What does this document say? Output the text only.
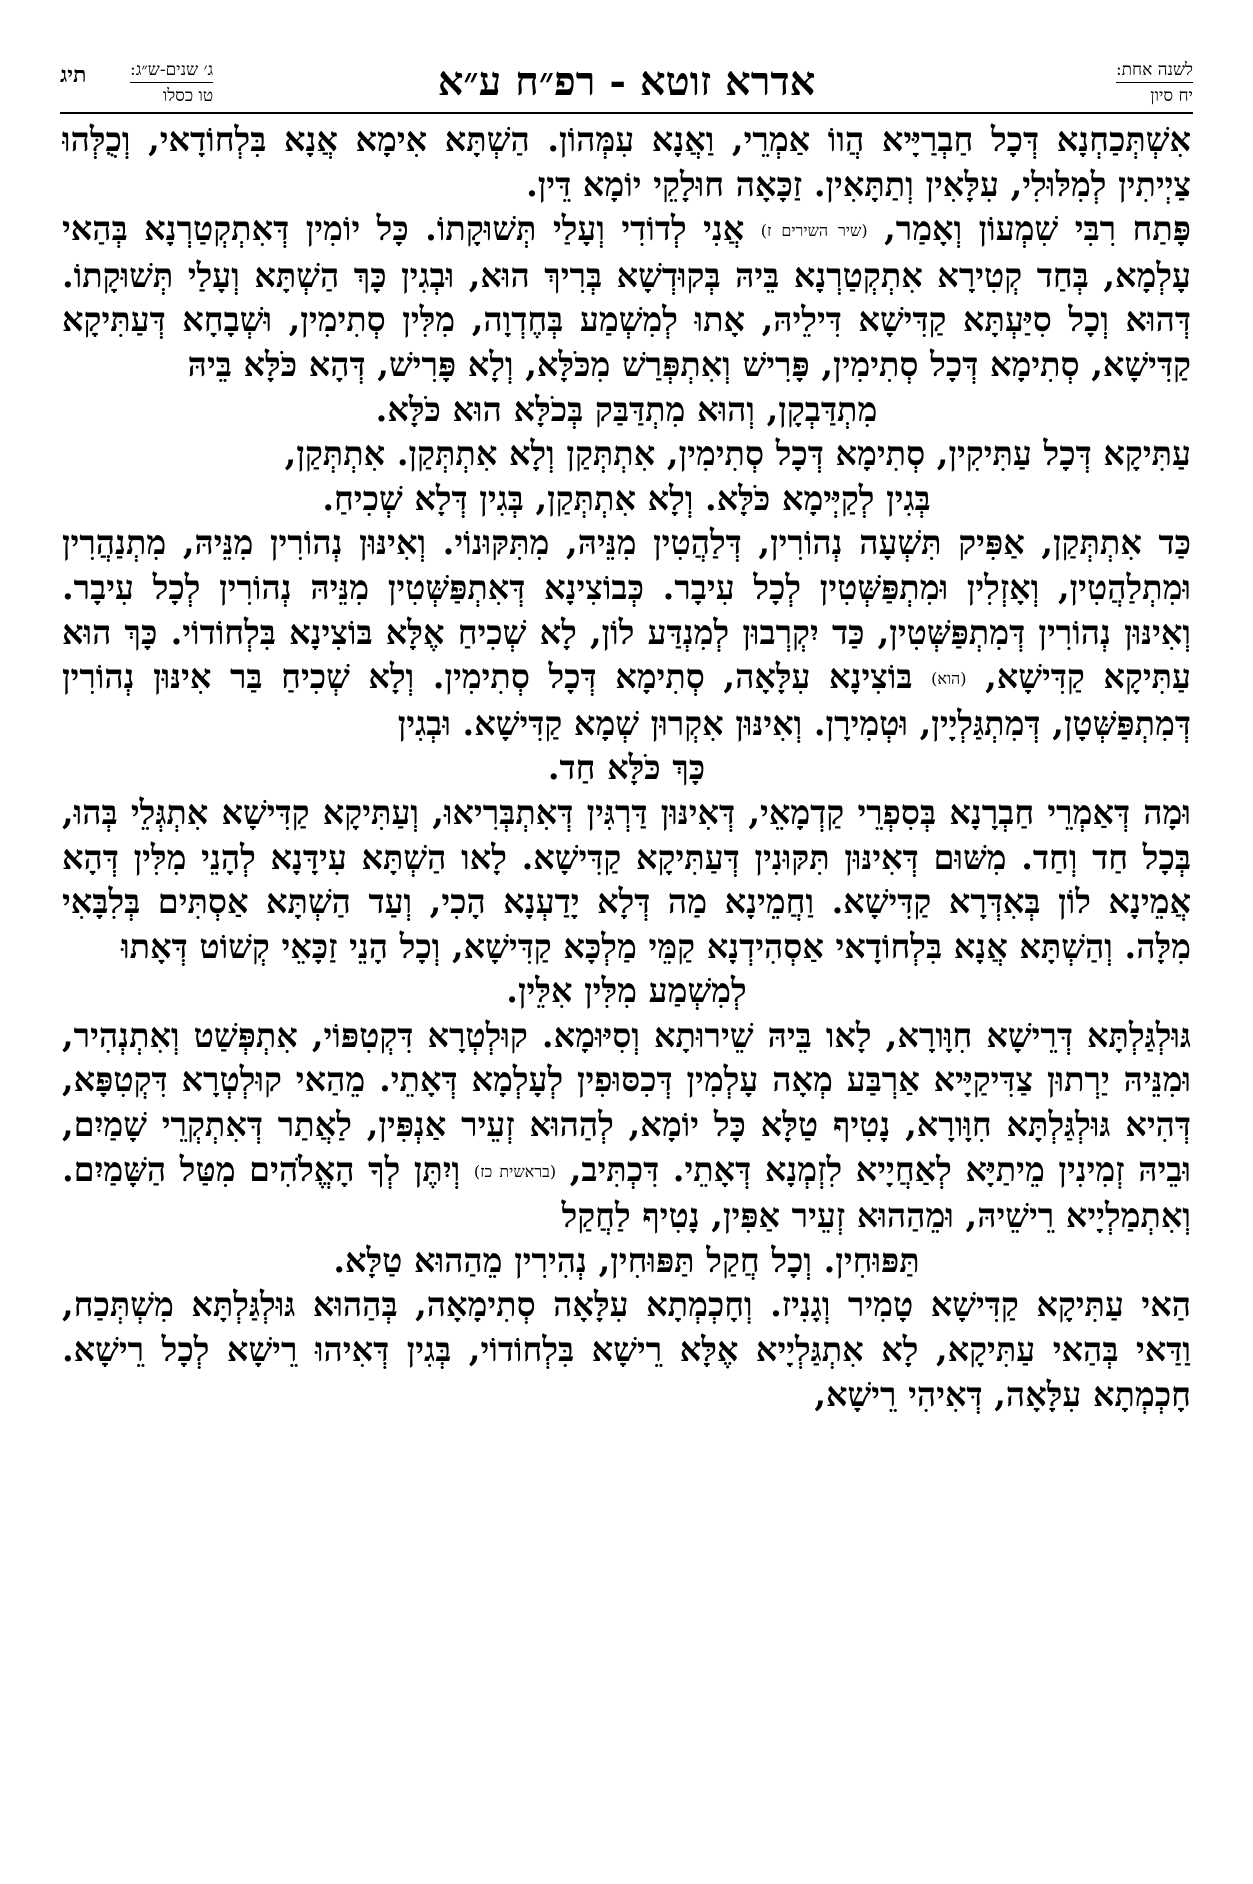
תיג	ג׳ שנים-ש״ג:
טו כסלו	אדרא זוטא - רפ״ח ע״א	לשנה אחת:
יח סיון

אִשְׁתְּכַחְנָא דְּכָל חַבְרַיָּיא הֲווֹ אַמְרֵי, וַאֲנָא עִמְּהוֹן. הַשְׁתָּא אִימָא אֲנָא בִּלְחוֹדָאי, וְכֻלְּהוּ צַיְיתִין לְמִלּוּלִי, עִלָּאִין וְתַתָּאִין. זַכָּאָה חוּלָקֵי יוֹמָא דֵּין.

פָּתַח רִבִּי שִׁמְעוֹן וְאָמַר, (שיר השירים ז) אֲנִי לְדוֹדִי וְעָלַי תְּשׁוּקָתוֹ. כָּל יוֹמִין דְּאִתְקְטַרְנָא בְּהַאי עָלְמָא, בְּחַד קְטִירָא אִתְקְטַרְנָא בֵּיהּ בְּקוּדְשָׁא בְּרִיךְ הוּא, וּבְגִין כָּךְ הַשְׁתָּא וְעָלַי תְּשׁוּקָתוֹ. דְּהוּא וְכָל סִיַּעְתָּא קַדִּישָׁא דִּילֵיהּ, אָתוּ לְמִשְׁמַע בְּחֶדְוָה, מִלִּין סְתִימִין, וּשְׁבָחָא דְּעַתִּיקָא קַדִּישָׁא, סְתִימָא דְּכָל סְתִימִין, פָּרִישׁ וְאִתְפְּרַשׁ מִכֹּלָּא, וְלָא פָּרִישׁ, דְּהָא כֹּלָּא בֵּיהּ
מִתְדַּבְקָן, וְהוּא מִתְדַּבַּק בְּכֹלָּא הוּא כֹּלָּא.

עַתִּיקָא דְּכָל עַתִּיקִין, סְתִימָא דְּכָל סְתִימִין, אִתְתְּקַן וְלָא אִתְתְּקַן. אִתְתְּקַן,
בְּגִין לְקַיְּימָא כֹּלָּא. וְלָא אִתְתְּקַן, בְּגִין דְּלָא שְׁכִיחַ.

כַּד אִתְתְּקַן, אַפִּיק תִּשְׁעָה נְהוֹרִין, דְּלַהֲטִין מִנֵּיהּ, מִתִּקּוּנוֹי. וְאִינּוּן נְהוֹרִין מִנֵּיהּ, מִתְנַהֲרִין וּמִתְלַהֲטִין, וְאָזְלִין וּמִתְפַּשְּׁטִין לְכָל עִיבָר. כְּבוֹצִינָא דְּאִתְפַּשְּׁטִין מִנֵּיהּ נְהוֹרִין לְכָל עִיבָר. וְאִינּוּן נְהוֹרִין דְּמִתְפַּשְּׁטִין, כַּד יִקְרְבוּן לְמִנְדַּע לוֹן, לָא שְׁכִיחַ אֶלָּא בּוֹצִינָא בִּלְחוֹדוֹי. כָּךְ הוּא עַתִּיקָא קַדִּישָׁא, (הוא) בּוֹצִינָא עִלָּאָה, סְתִימָא דְּכָל סְתִימִין. וְלָא שְׁכִיחַ בַּר אִינּוּן נְהוֹרִין דְּמִתְפַּשְּׁטָן, דְּמִתְגַּלְיָין, וּטְמִירָן. וְאִינּוּן אִקְרוּן שְׁמָא קַדִּישָׁא. וּבְגִין
כָּךְ כֹּלָּא חַד.

וּמָה דְּאַמְרֵי חַבְרָנָא בְּסִפְרֵי קַדְמָאֵי, דְּאִינּוּן דַּרְגִּין דְּאִתְבְּרִיאוּ, וְעַתִּיקָא קַדִּישָׁא אִתְגְּלֵי בְּהוּ, בְּכָל חַד וְחַד. מִשּׁוּם דְּאִינּוּן תִּקּוּנִין דְּעַתִּיקָא קַדִּישָׁא. לָאו הַשְׁתָּא עִידָּנָא לְהָנֵי מִלִּין דְּהָא אֲמֵינָא לוֹן בְּאִדְּרָא קַדִּישָׁא. וַחֲמֵינָא מַה דְּלָא יָדַעְנָא הָכִי, וְעַד הַשְׁתָּא אַסְתִּים בְּלִבָּאִי מִלָּה. וְהַשְׁתָּא אֲנָא בִּלְחוֹדָאי אַסְהִידְנָא קַמֵּי מַלְכָּא קַדִּישָׁא, וְכָל הָנֵי זַכָּאֵי קְשׁוֹט דְּאָתוּ
לְמִשְׁמַע מִלִּין אִלֵּין.

גּוּלְגַּלְתָּא דְּרֵישָׁא חִוָּורָא, לָאו בֵּיהּ שֵׁירוּתָא וְסִיּוּמָא. קוּלְטְרָא דִּקְטִפּוֹי, אִתְפְּשַׁט וְאִתְנְהִיר, וּמִנֵּיהּ יַרְתוּן צַדִּיקַיָּיא אַרְבַּע מְאָה עָלְמִין דְּכִסּוּפִין לְעָלְמָא דְּאָתֵי. מֵהַאי קוּלְטְרָא דִּקְטִפָּא, דְּהִיא גּוּלְגַּלְתָּא חִוָּורָא, נָטִיף טַלָּא כָּל יוֹמָא, לְהַהוּא זְעֵיר אַנְפִּין, לַאֲתַר דְּאִתְקְרֵי שָׁמַיִם, וּבֵיהּ זְמִינִין מֵיתַיָּא לְאַחֲיָיא לִזְמְנָא דְּאָתֵי. דִּכְתִּיב, (בראשית כז) וְיִתֶּן לְךָ הָאֱלֹהִים מִטַּל הַשָּׁמַיִם. וְאִתְמַלְיָיא רֵישֵׁיהּ, וּמֵהַהוּא זְעֵיר אַפִּין, נָטִיף לַחֲקַל
תַּפּוּחִין. וְכָל חֲקַל תַּפּוּחִין, נְהִירִין מֵהַהוּא טַלָּא.

הַאי עַתִּיקָא קַדִּישָׁא טָמִיר וְגָנִיז. וְחָכְמְתָא עִלָּאָה סְתִימָאָה, בְּהַהוּא גּוּלְגַּלְתָּא מִשְׁתְּכַח, וַדַּאי בְּהַאי עַתִּיקָא, לָא אִתְגַּלְיָיא אֶלָּא רֵישָׁא בִּלְחוֹדוֹי, בְּגִין דְּאִיהוּ רֵישָׁא לְכָל רֵישָׁא. חָכְמְתָא עִלָּאָה, דְּאִיהִי רֵישָׁא,
